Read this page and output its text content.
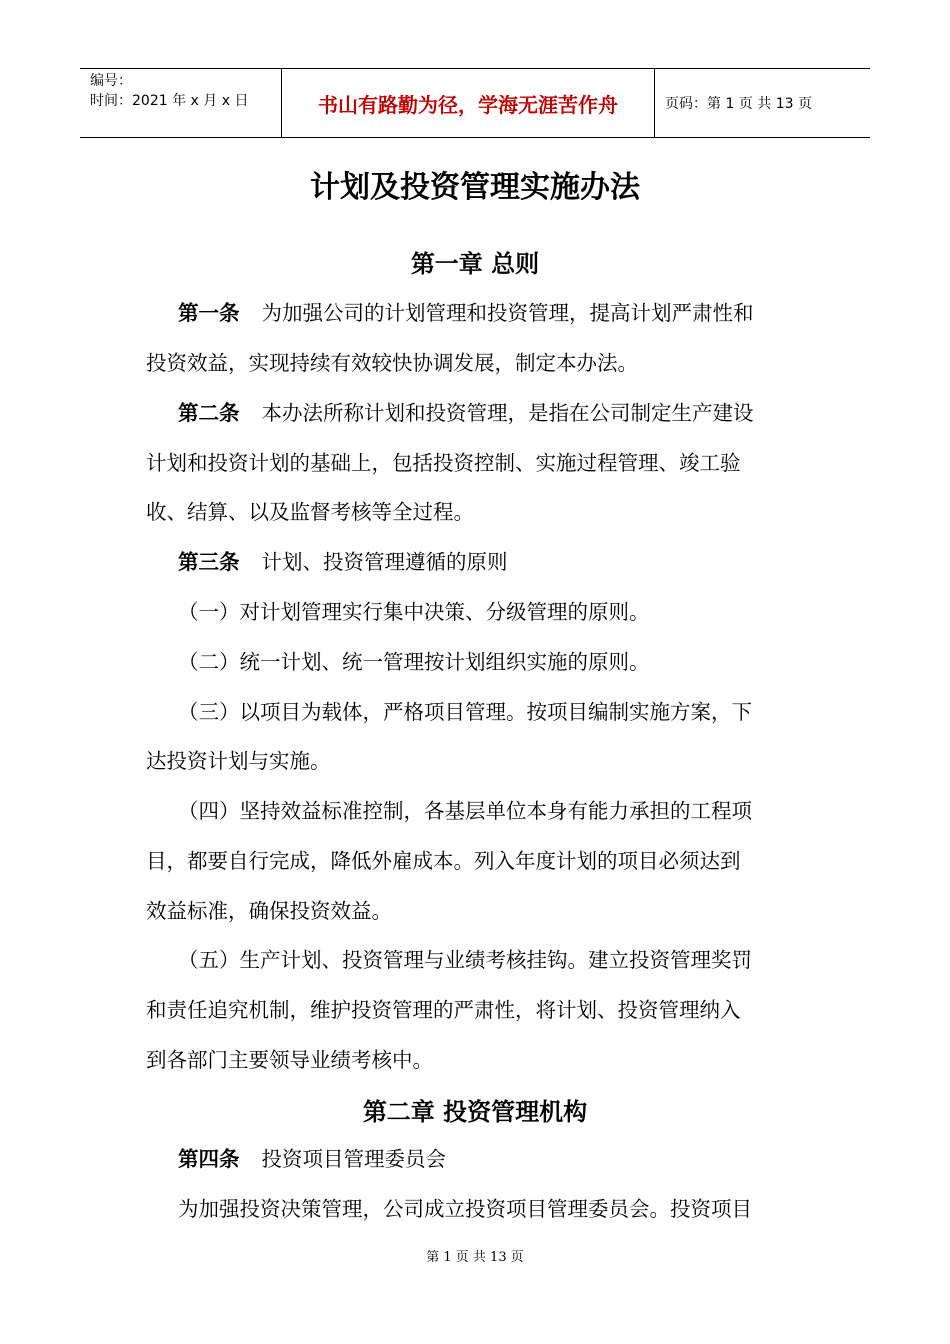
编号：
时间：2021 年 x 月 x 日	书山有路勤为径，学海无涯苦作舟	页码：第 1 页 共 13 页
计划及投资管理实施办法
第一章 总则
第一条 为加强公司的计划管理和投资管理，提高计划严肃性和
投资效益，实现持续有效较快协调发展，制定本办法。
第二条 本办法所称计划和投资管理，是指在公司制定生产建设
计划和投资计划的基础上，包括投资控制、实施过程管理、竣工验
收、结算、以及监督考核等全过程。
第三条 计划、投资管理遵循的原则
（一）对计划管理实行集中决策、分级管理的原则。
（二）统一计划、统一管理按计划组织实施的原则。
（三）以项目为载体，严格项目管理。按项目编制实施方案，下
达投资计划与实施。
（四）坚持效益标准控制，各基层单位本身有能力承担的工程项
目，都要自行完成，降低外雇成本。列入年度计划的项目必须达到
效益标准，确保投资效益。
（五）生产计划、投资管理与业绩考核挂钩。建立投资管理奖罚
和责任追究机制，维护投资管理的严肃性，将计划、投资管理纳入
到各部门主要领导业绩考核中。
第二章 投资管理机构
第四条 投资项目管理委员会
为加强投资决策管理，公司成立投资项目管理委员会。投资项目
第 1 页 共 13 页
